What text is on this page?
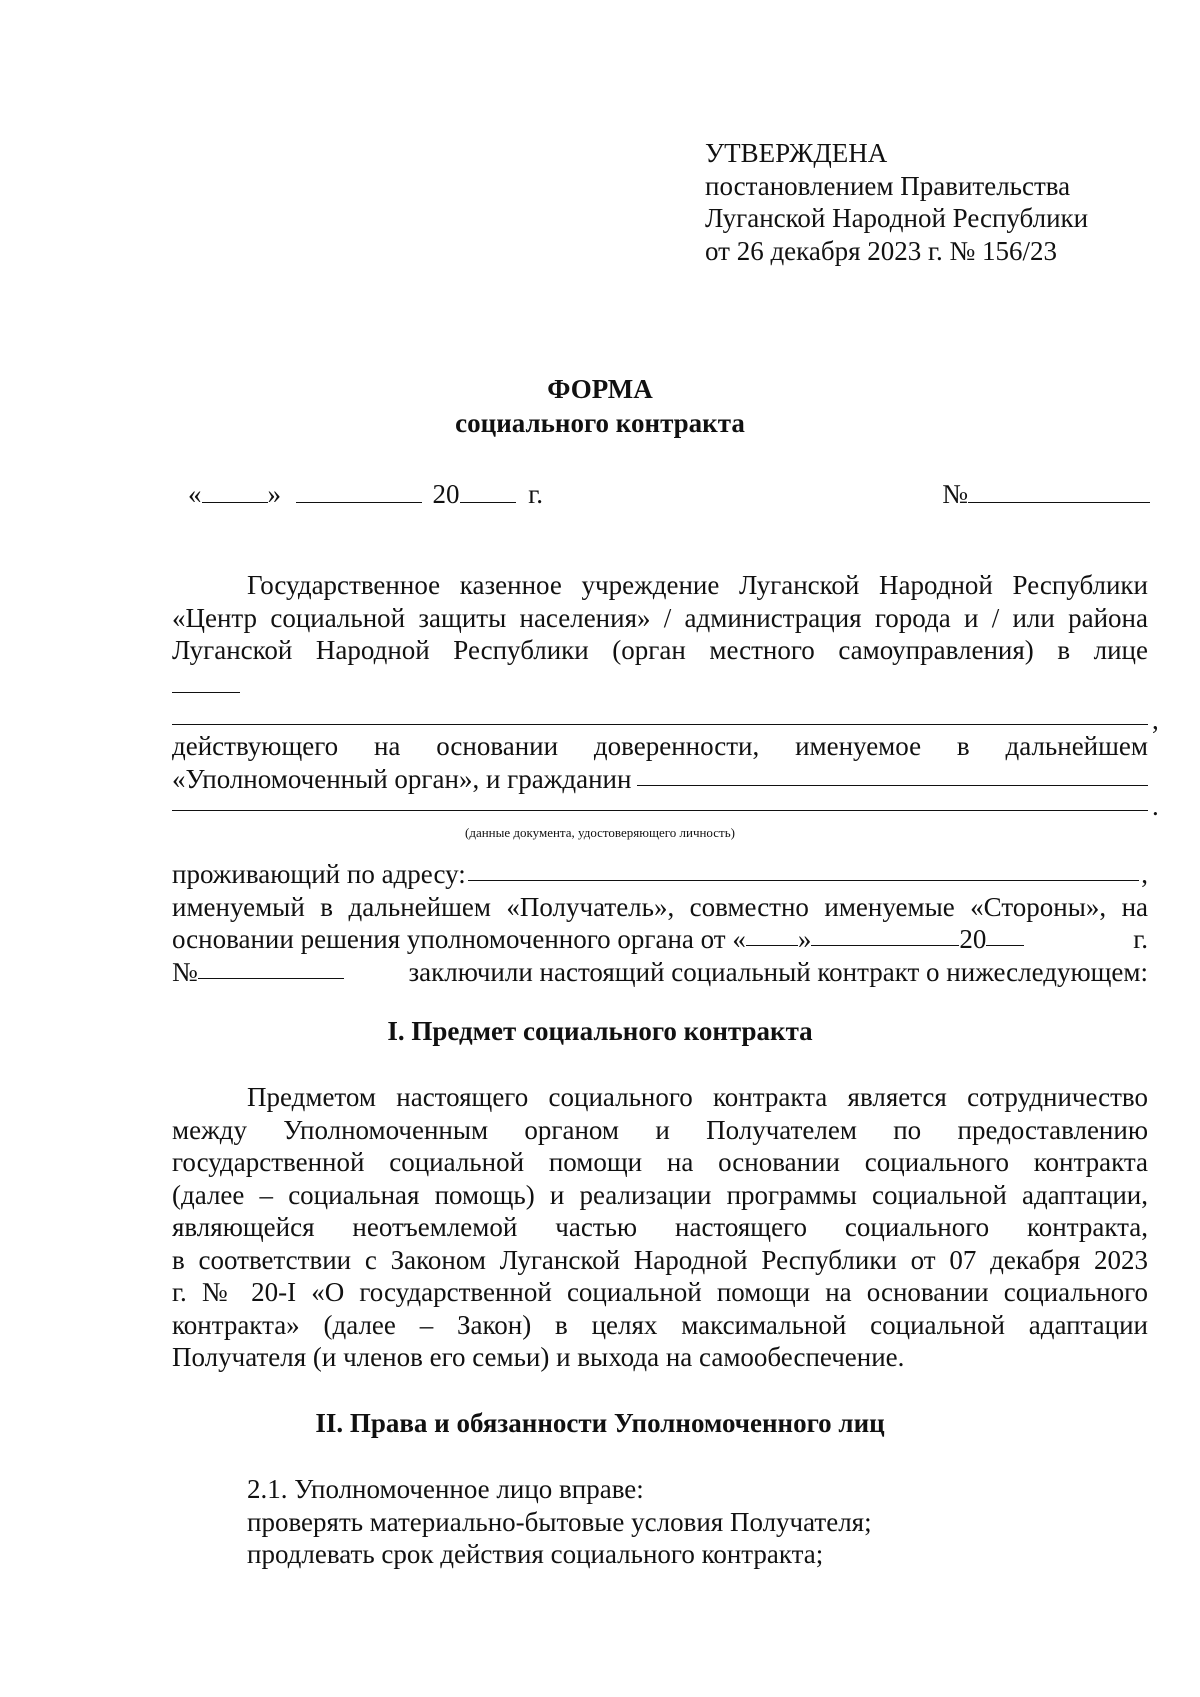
УТВЕРЖДЕНА
постановлением Правительства
Луганской Народной Республики
от 26 декабря 2023 г. № 156/23
ФОРМА
социального контракта
« »	20	г.	№
Государственное казенное учреждение Луганской Народной Республики
«Центр социальной защиты населения» / администрация города и / или района
Луганской Народной Республики (орган местного самоуправления) в лице
,
действующего на основании доверенности, именуемое в дальнейшем
«Уполномоченный орган», и гражданин
.
(данные документа, удостоверяющего личность)
проживающий по адресу:	,
именуемый в дальнейшем «Получатель», совместно именуемые «Стороны», на
основании решения уполномоченного органа от « »	20	г.
№	заключили настоящий социальный контракт о нижеследующем:
I. Предмет социального контракта
Предметом настоящего социального контракта является сотрудничество
между Уполномоченным органом и Получателем по предоставлению
государственной социальной помощи на основании социального контракта
(далее – социальная помощь) и реализации программы социальной адаптации,
являющейся неотъемлемой частью настоящего социального контракта,
в соответствии с Законом Луганской Народной Республики от 07 декабря 2023
г. № 20-I «О государственной социальной помощи на основании социального
контракта» (далее – Закон) в целях максимальной социальной адаптации
Получателя (и членов его семьи) и выхода на самообеспечение.
II. Права и обязанности Уполномоченного лиц
2.1. Уполномоченное лицо вправе:
проверять материально-бытовые условия Получателя;
продлевать срок действия социального контракта;
